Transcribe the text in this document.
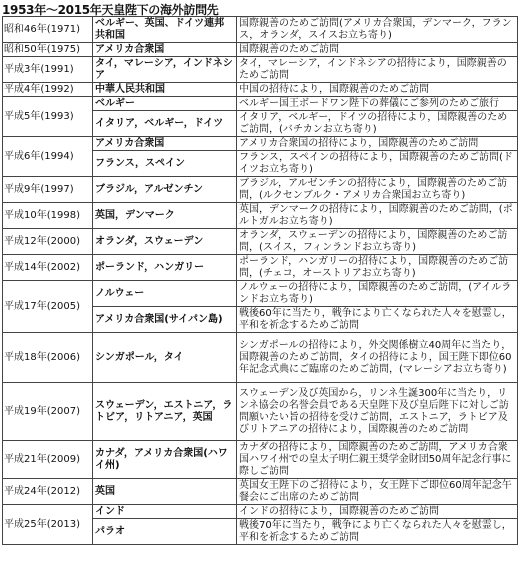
1953年～2015年天皇陛下の海外訪問先
昭和46年(1971)	ベルギー、英国、ドイツ連邦共和国	国際親善のためご訪問(アメリカ合衆国，デンマーク，フランス，オランダ，スイスお立ち寄り)
昭和50年(1975)	アメリカ合衆国	国際親善のためご訪問
平成3年(1991)	タイ，マレーシア，インドネシア	タイ，マレーシア，インドネシアの招待により，国際親善のためご訪問
平成4年(1992)	中華人民共和国	中国の招待により，国際親善のためご訪問
平成5年(1993)	ベルギー	ベルギー国王ボードワン陛下の葬儀にご参列のためご旅行
	イタリア，ベルギー，ドイツ	イタリア，ベルギー，ドイツの招待により，国際親善のためご訪問，(バチカンお立ち寄り)
平成6年(1994)	アメリカ合衆国	アメリカ合衆国の招待により，国際親善のためご訪問
	フランス，スペイン	フランス，スペインの招待により，国際親善のためご訪問(ドイツお立ち寄り)
平成9年(1997)	ブラジル，アルゼンチン	ブラジル，アルゼンチンの招待により，国際親善のためご訪問，(ルクセンブルク・アメリカ合衆国お立ち寄り)
平成10年(1998)	英国，デンマーク	英国，デンマークの招待により，国際親善のためご訪問，(ポルトガルお立ち寄り)
平成12年(2000)	オランダ，スウェーデン	オランダ，スウェーデンの招待により，国際親善のためご訪問，(スイス，フィンランドお立ち寄り)
平成14年(2002)	ポーランド，ハンガリー	ポーランド，ハンガリーの招待により，国際親善のためご訪問，(チェコ，オーストリアお立ち寄り)
平成17年(2005)	ノルウェー	ノルウェーの招待により，国際親善のためご訪問，(アイルランドお立ち寄り)
	アメリカ合衆国(サイパン島)	戦後60年に当たり，戦争により亡くなられた人々を慰霊し，平和を祈念するためご訪問
平成18年(2006)	シンガポール，タイ	シンガポールの招待により，外交関係樹立40周年に当たり，国際親善のためご訪問，タイの招待により，国王陛下即位60年記念式典にご臨席のためご訪問，(マレーシアお立ち寄り)
平成19年(2007)	スウェーデン，エストニア，ラトビア，リトアニア，英国	スウェーデン及び英国から，リンネ生誕300年に当たり，リンネ協会の名誉会員である天皇陛下及び皇后陛下に対しご訪問願いたい旨の招待を受けご訪問，エストニア，ラトビア及びリトアニアの招待により，国際親善のためご訪問
平成21年(2009)	カナダ，アメリカ合衆国(ハワイ州)	カナダの招待により，国際親善のためご訪問，アメリカ合衆国ハワイ州での皇太子明仁親王奨学金財団50周年記念行事に際しご訪問
平成24年(2012)	英国	英国女王陛下のご招待により，女王陛下ご即位60周年記念午餐会にご出席のためご訪問
平成25年(2013)	インド	インドの招待により，国際親善のためご訪問
	パラオ	戦後70年に当たり，戦争により亡くなられた人々を慰霊し，平和を祈念するためご訪問
